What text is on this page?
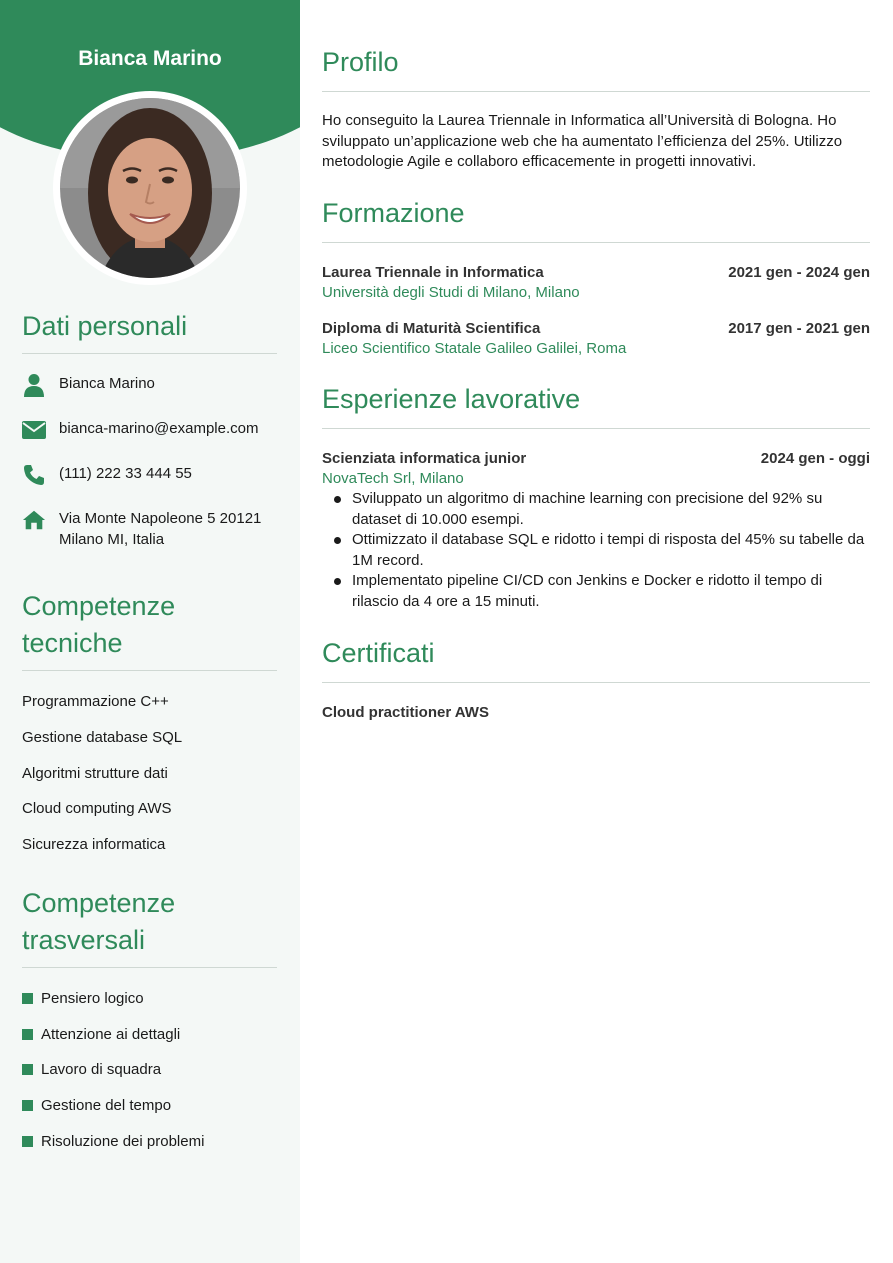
Bianca Marino
Dati personali
Bianca Marino
bianca-marino@example.com
(111) 222 33 444 55
Via Monte Napoleone 5 20121 Milano MI, Italia
Competenze tecniche
Programmazione C++
Gestione database SQL
Algoritmi strutture dati
Cloud computing AWS
Sicurezza informatica
Competenze trasversali
Pensiero logico
Attenzione ai dettagli
Lavoro di squadra
Gestione del tempo
Risoluzione dei problemi
Profilo
Ho conseguito la Laurea Triennale in Informatica all’Università di Bologna. Ho sviluppato un’applicazione web che ha aumentato l’efficienza del 25%. Utilizzo metodologie Agile e collaboro efficacemente in progetti innovativi.
Formazione
Laurea Triennale in Informatica	2021 gen - 2024 gen
Università degli Studi di Milano, Milano
Diploma di Maturità Scientifica	2017 gen - 2021 gen
Liceo Scientifico Statale Galileo Galilei, Roma
Esperienze lavorative
Scienziata informatica junior	2024 gen - oggi
NovaTech Srl, Milano
Sviluppato un algoritmo di machine learning con precisione del 92% su dataset di 10.000 esempi.
Ottimizzato il database SQL e ridotto i tempi di risposta del 45% su tabelle da 1M record.
Implementato pipeline CI/CD con Jenkins e Docker e ridotto il tempo di rilascio da 4 ore a 15 minuti.
Certificati
Cloud practitioner AWS
